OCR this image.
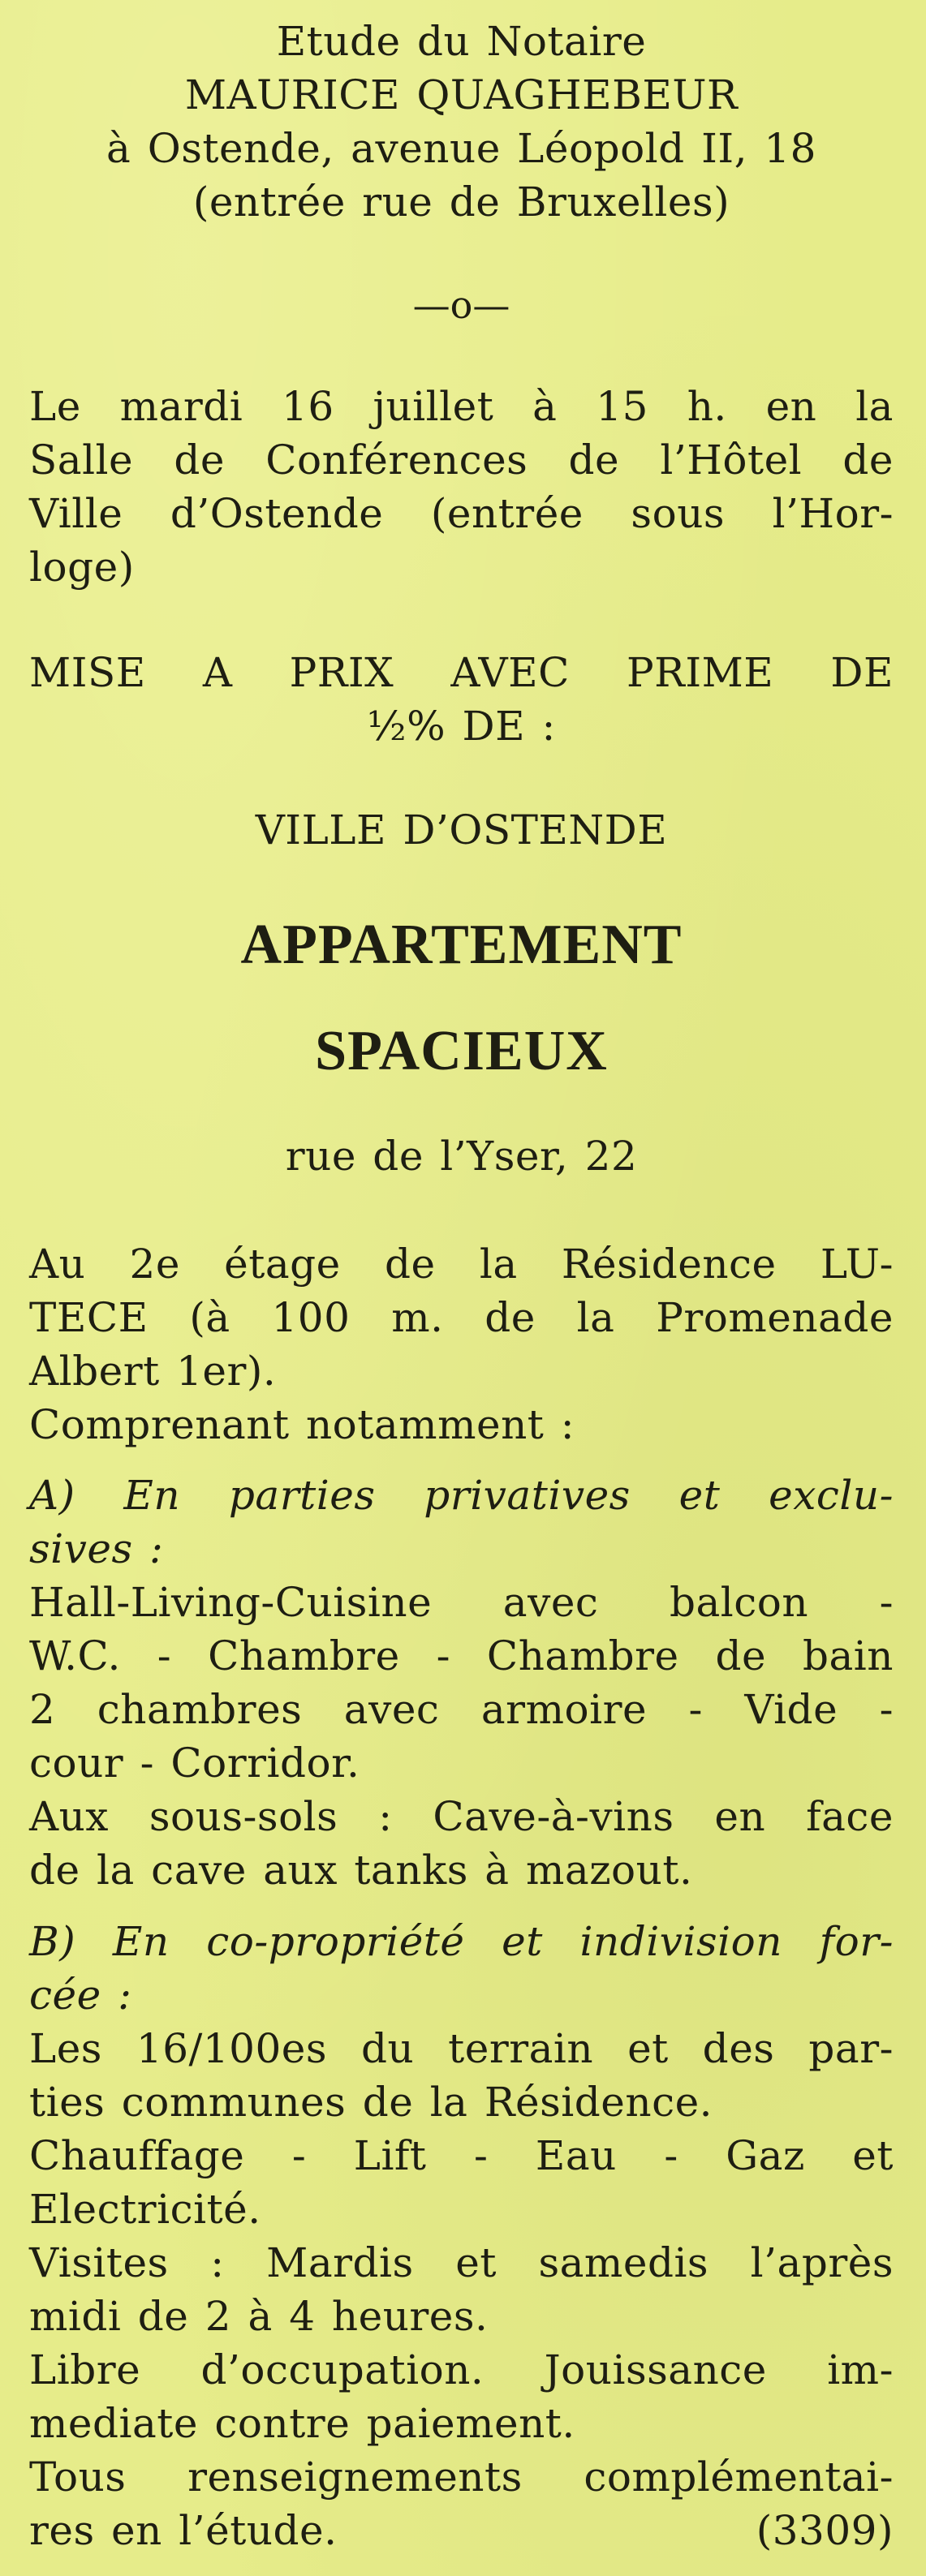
Etude du Notaire
MAURICE QUAGHEBEUR
à Ostende, avenue Léopold II, 18
(entrée rue de Bruxelles)
—o—
Le mardi 16 juillet à 15 h. en la
Salle de Conférences de l’Hôtel de
Ville d’Ostende (entrée sous l’Hor-
loge)
MISE A PRIX AVEC PRIME DE
½% DE :
VILLE D’OSTENDE
APPARTEMENT
SPACIEUX
rue de l’Yser, 22
Au 2e étage de la Résidence LU-
TECE (à 100 m. de la Promenade
Albert 1er).
Comprenant notamment :
A) En parties privatives et exclu-
sives :
Hall-Living-Cuisine avec balcon -
W.C. - Chambre - Chambre de bain
2 chambres avec armoire - Vide -
cour - Corridor.
Aux sous-sols : Cave-à-vins en face
de la cave aux tanks à mazout.
B) En co-propriété et indivision for-
cée :
Les 16/100es du terrain et des par-
ties communes de la Résidence.
Chauffage - Lift - Eau - Gaz et
Electricité.
Visites : Mardis et samedis l’après
midi de 2 à 4 heures.
Libre d’occupation. Jouissance im-
mediate contre paiement.
Tous renseignements complémentai-
res en l’étude.	(3309)
